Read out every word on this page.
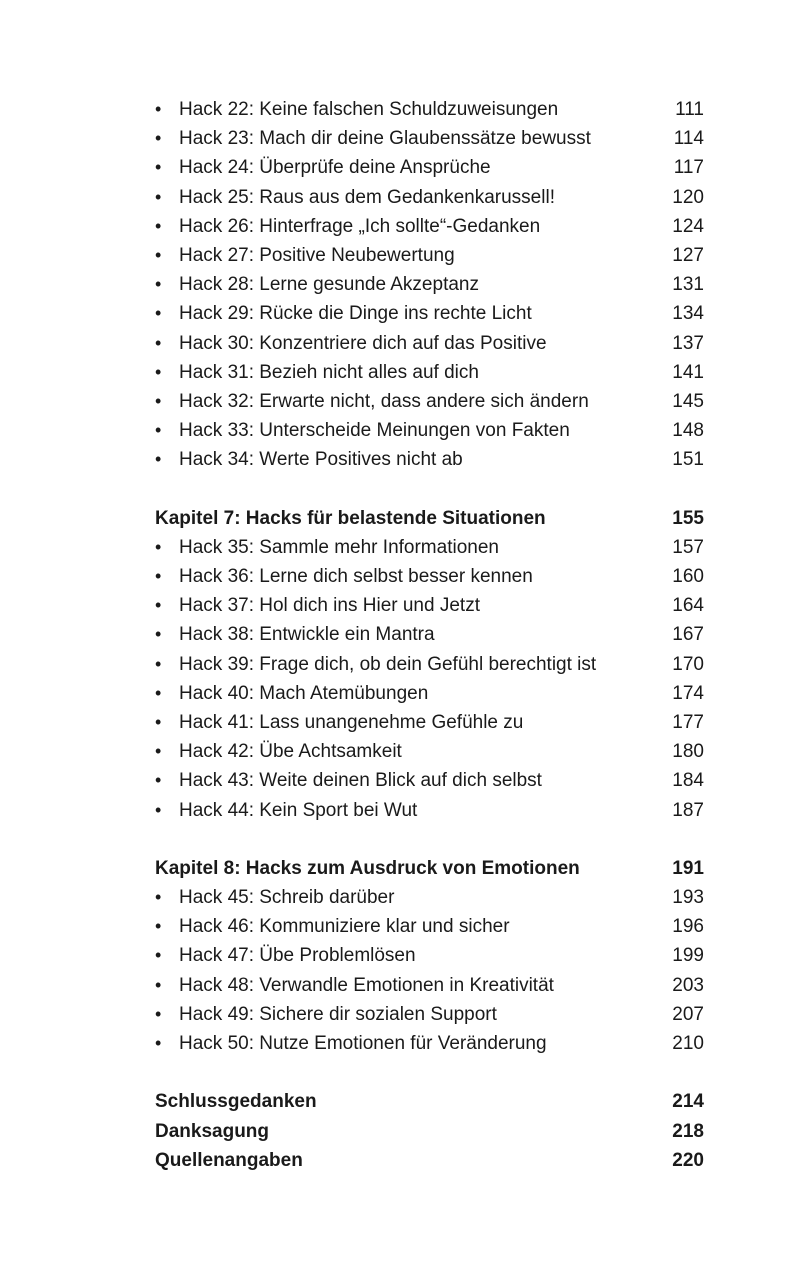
• Hack 22: Keine falschen Schuldzuweisungen	111
• Hack 23: Mach dir deine Glaubenssätze bewusst	114
• Hack 24: Überprüfe deine Ansprüche	117
• Hack 25: Raus aus dem Gedankenkarussell!	120
• Hack 26: Hinterfrage „Ich sollte“-Gedanken	124
• Hack 27: Positive Neubewertung	127
• Hack 28: Lerne gesunde Akzeptanz	131
• Hack 29: Rücke die Dinge ins rechte Licht	134
• Hack 30: Konzentriere dich auf das Positive	137
• Hack 31: Bezieh nicht alles auf dich	141
• Hack 32: Erwarte nicht, dass andere sich ändern	145
• Hack 33: Unterscheide Meinungen von Fakten	148
• Hack 34: Werte Positives nicht ab	151
Kapitel 7: Hacks für belastende Situationen	155
• Hack 35: Sammle mehr Informationen	157
• Hack 36: Lerne dich selbst besser kennen	160
• Hack 37: Hol dich ins Hier und Jetzt	164
• Hack 38: Entwickle ein Mantra	167
• Hack 39: Frage dich, ob dein Gefühl berechtigt ist	170
• Hack 40: Mach Atemübungen	174
• Hack 41: Lass unangenehme Gefühle zu	177
• Hack 42: Übe Achtsamkeit	180
• Hack 43: Weite deinen Blick auf dich selbst	184
• Hack 44: Kein Sport bei Wut	187
Kapitel 8: Hacks zum Ausdruck von Emotionen	191
• Hack 45: Schreib darüber	193
• Hack 46: Kommuniziere klar und sicher	196
• Hack 47: Übe Problemlösen	199
• Hack 48: Verwandle Emotionen in Kreativität	203
• Hack 49: Sichere dir sozialen Support	207
• Hack 50: Nutze Emotionen für Veränderung	210
Schlussgedanken	214
Danksagung	218
Quellenangaben	220
